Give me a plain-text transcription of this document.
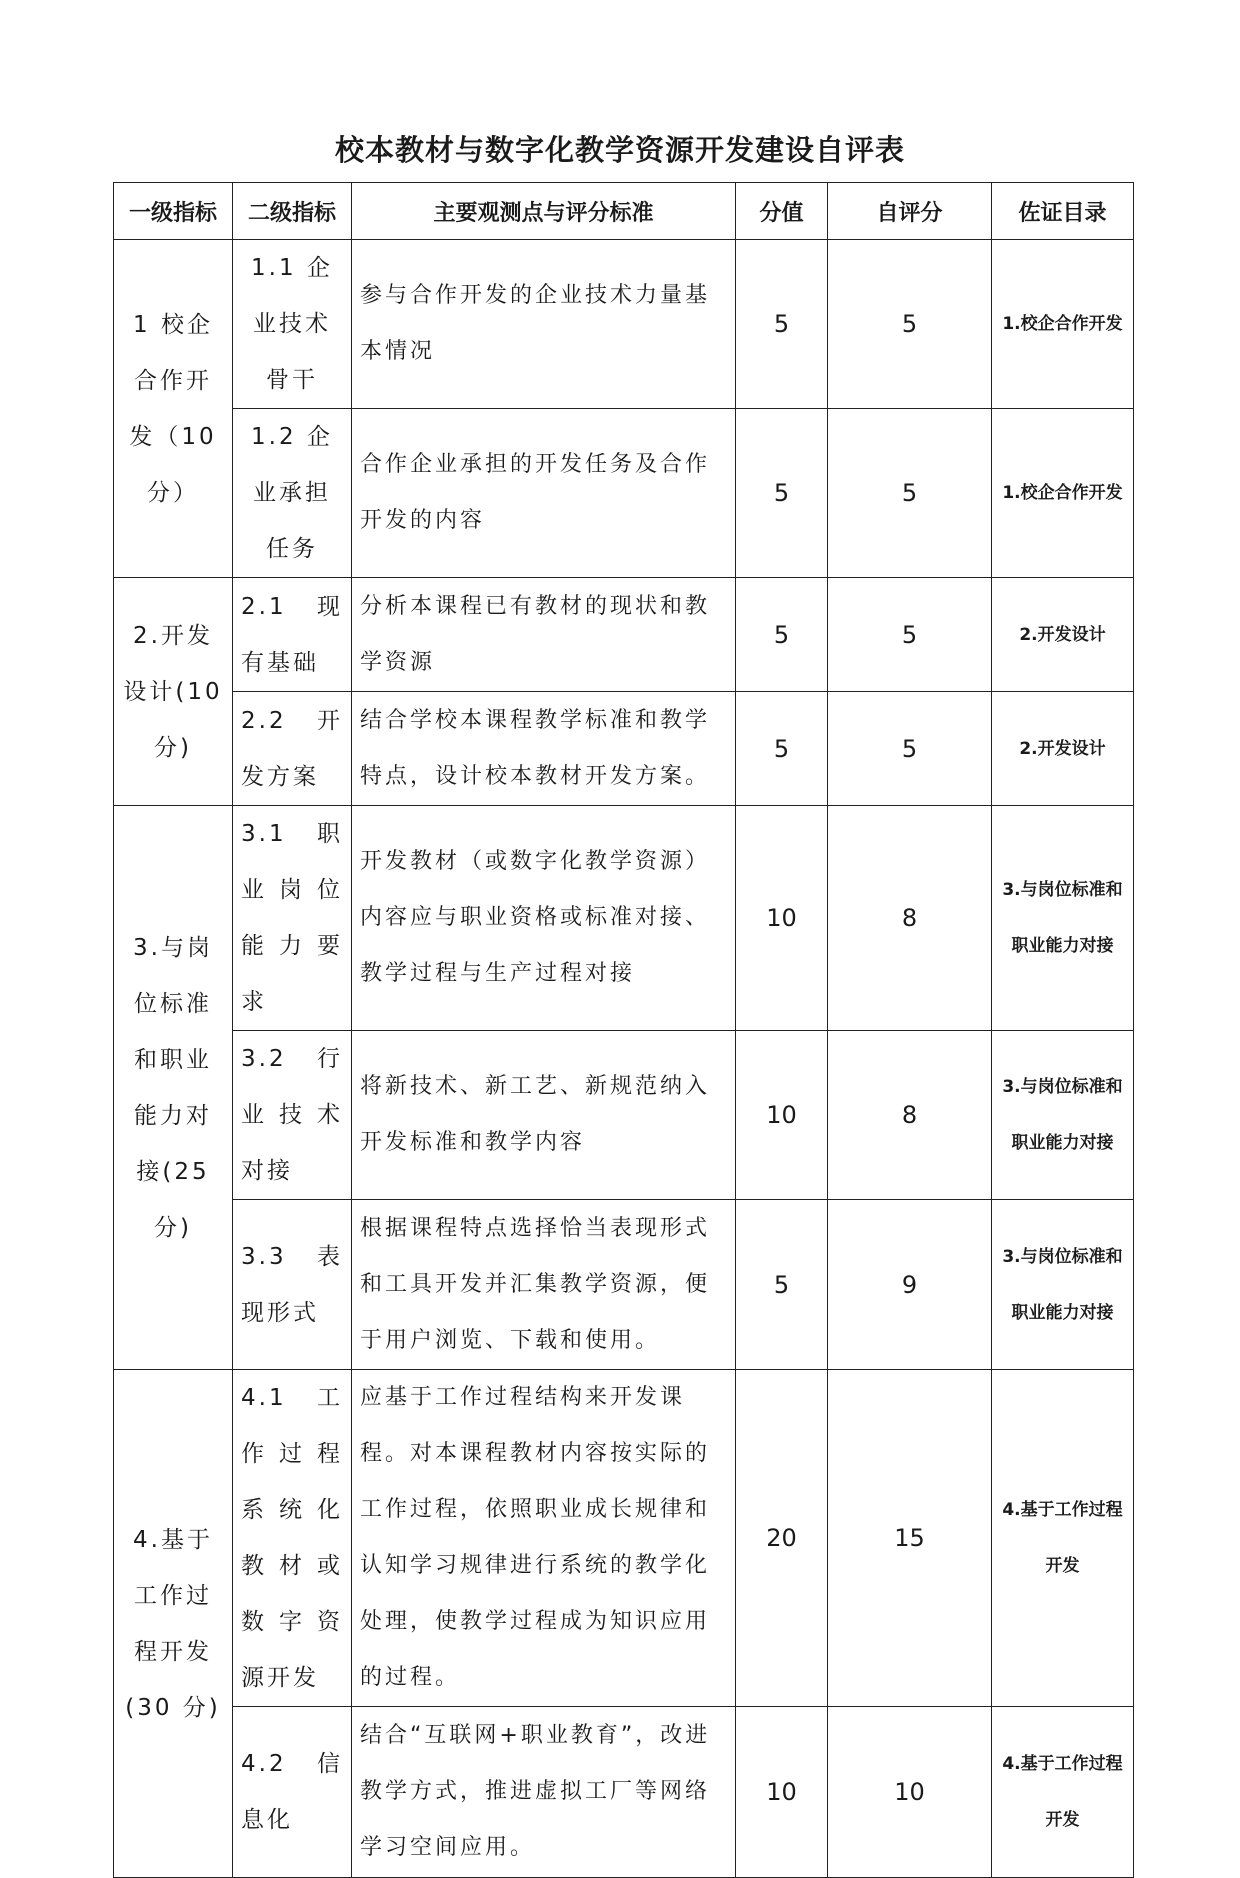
校本教材与数字化教学资源开发建设自评表
一级指标	二级指标	主要观测点与评分标准	分值	自评分	佐证目录
1 校企合作开发（10 分）	1.1 企业技术骨干	参与合作开发的企业技术力量基本情况	5	5	1.校企合作开发
	1.2 企业承担任务	合作企业承担的开发任务及合作开发的内容	5	5	1.校企合作开发
2.开发设计(10 分)	2.1 现有基础	分析本课程已有教材的现状和教学资源	5	5	2.开发设计
	2.2 开发方案	结合学校本课程教学标准和教学特点，设计校本教材开发方案。	5	5	2.开发设计
3.与岗位标准和职业能力对接(25 分)	3.1 职业岗位能力要求	开发教材（或数字化教学资源）内容应与职业资格或标准对接、教学过程与生产过程对接	10	8	3.与岗位标准和职业能力对接
	3.2 行业技术对接	将新技术、新工艺、新规范纳入开发标准和教学内容	10	8	3.与岗位标准和职业能力对接
	3.3 表现形式	根据课程特点选择恰当表现形式和工具开发并汇集教学资源，便于用户浏览、下载和使用。	5	9	3.与岗位标准和职业能力对接
4.基于工作过程开发(30 分)	4.1 工作过程系统化教材或数字资源开发	应基于工作过程结构来开发课程。对本课程教材内容按实际的工作过程，依照职业成长规律和认知学习规律进行系统的教学化处理，使教学过程成为知识应用的过程。	20	15	4.基于工作过程开发
	4.2 信息化	结合“互联网+职业教育”，改进教学方式，推进虚拟工厂等网络学习空间应用。	10	10	4.基于工作过程开发
